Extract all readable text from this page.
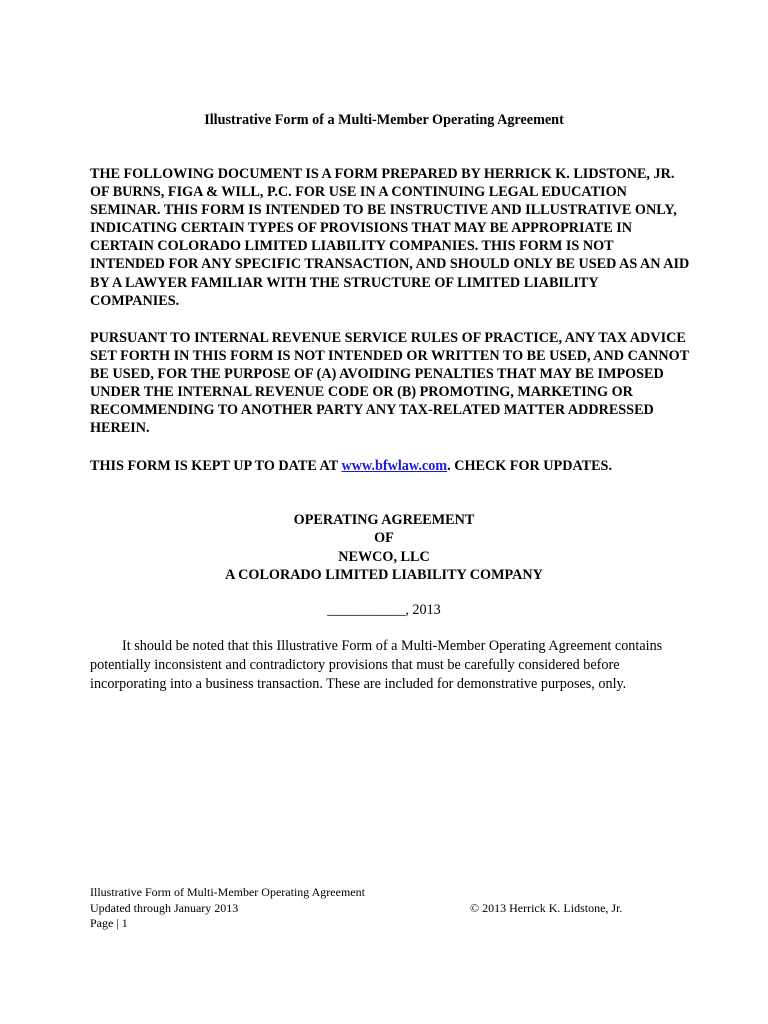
Illustrative Form of a Multi-Member Operating Agreement

THE FOLLOWING DOCUMENT IS A FORM PREPARED BY HERRICK K. LIDSTONE, JR. OF BURNS, FIGA & WILL, P.C. FOR USE IN A CONTINUING LEGAL EDUCATION SEMINAR. THIS FORM IS INTENDED TO BE INSTRUCTIVE AND ILLUSTRATIVE ONLY, INDICATING CERTAIN TYPES OF PROVISIONS THAT MAY BE APPROPRIATE IN CERTAIN COLORADO LIMITED LIABILITY COMPANIES. THIS FORM IS NOT INTENDED FOR ANY SPECIFIC TRANSACTION, AND SHOULD ONLY BE USED AS AN AID BY A LAWYER FAMILIAR WITH THE STRUCTURE OF LIMITED LIABILITY COMPANIES.

PURSUANT TO INTERNAL REVENUE SERVICE RULES OF PRACTICE, ANY TAX ADVICE SET FORTH IN THIS FORM IS NOT INTENDED OR WRITTEN TO BE USED, AND CANNOT BE USED, FOR THE PURPOSE OF (A) AVOIDING PENALTIES THAT MAY BE IMPOSED UNDER THE INTERNAL REVENUE CODE OR (B) PROMOTING, MARKETING OR RECOMMENDING TO ANOTHER PARTY ANY TAX-RELATED MATTER ADDRESSED HEREIN.

THIS FORM IS KEPT UP TO DATE AT www.bfwlaw.com. CHECK FOR UPDATES.

OPERATING AGREEMENT
OF
NEWCO, LLC
A COLORADO LIMITED LIABILITY COMPANY
___________, 2013

It should be noted that this Illustrative Form of a Multi-Member Operating Agreement contains potentially inconsistent and contradictory provisions that must be carefully considered before incorporating into a business transaction. These are included for demonstrative purposes, only.

Illustrative Form of Multi-Member Operating Agreement
Updated through January 2013
Page | 1
© 2013 Herrick K. Lidstone, Jr.
